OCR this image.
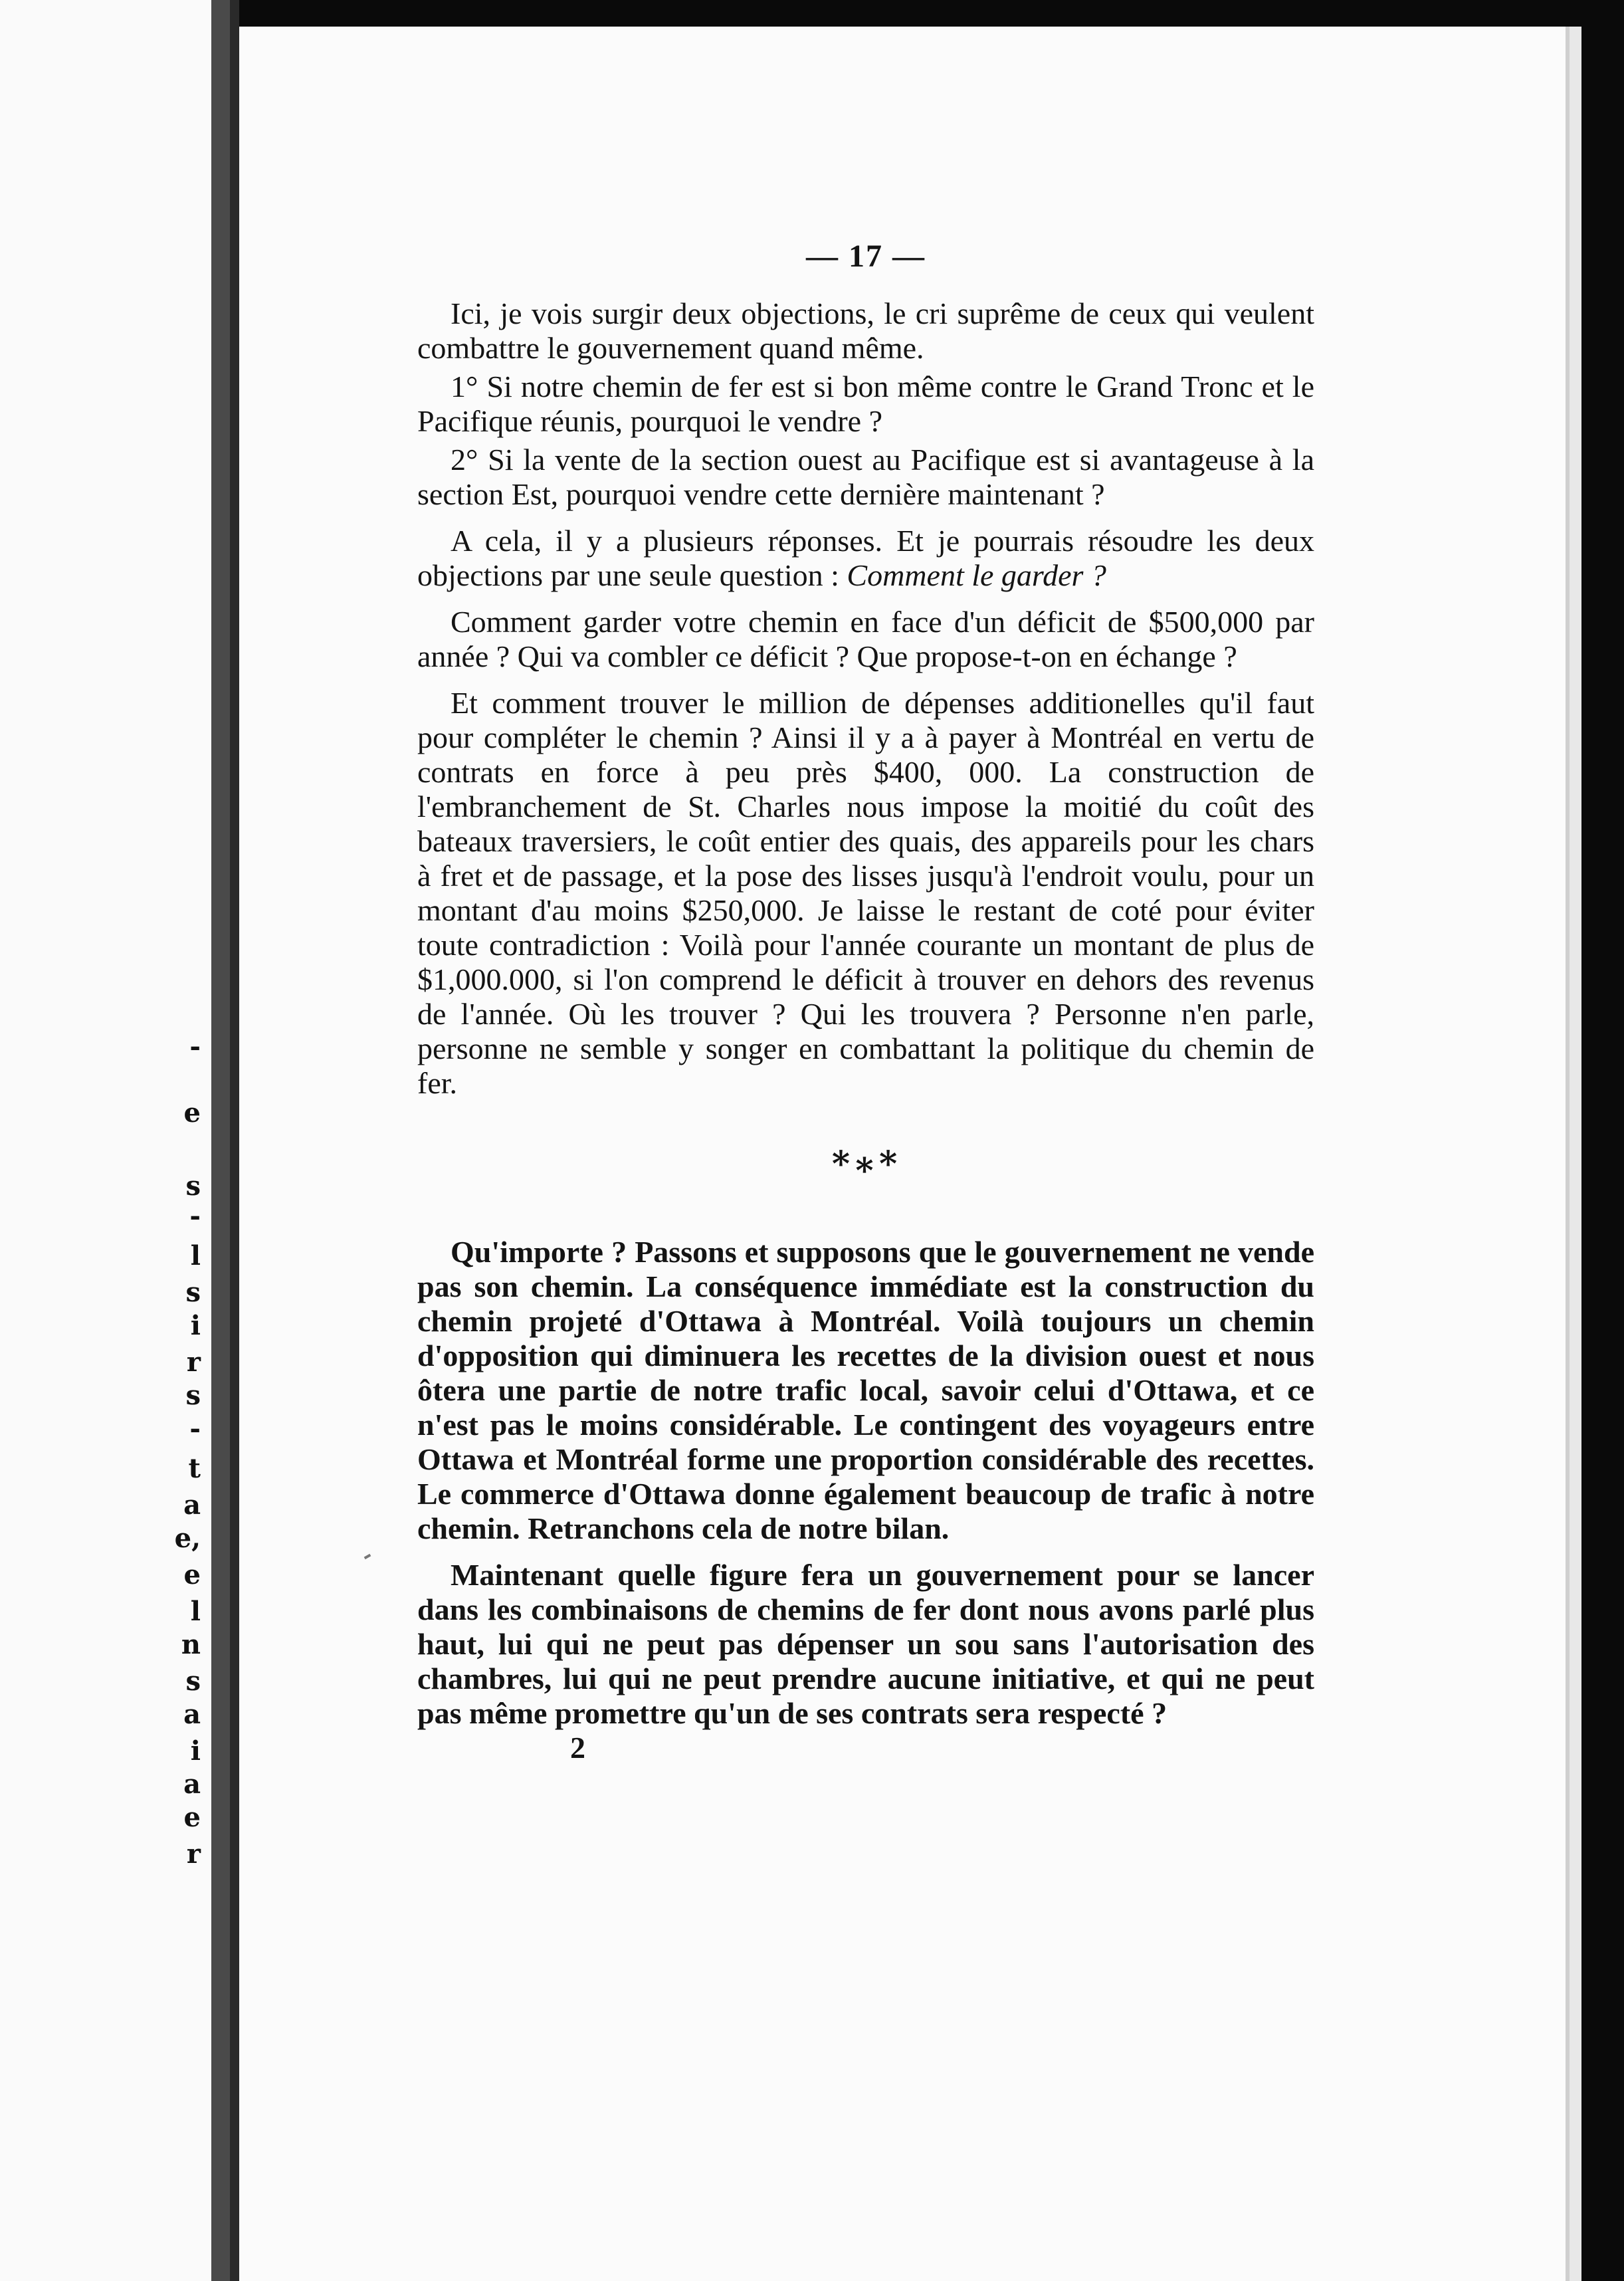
-
e
s
-
l
s
i
r
s
-
t
a
e,
e
l
n
s
a
i
a
e
r
— 17 —

Ici, je vois surgir deux objections, le cri suprême de ceux qui veulent combattre le gouvernement quand même.

1° Si notre chemin de fer est si bon même contre le Grand Tronc et le Pacifique réunis, pourquoi le vendre ?

2° Si la vente de la section ouest au Pacifique est si avantageuse à la section Est, pourquoi vendre cette dernière maintenant ?

A cela, il y a plusieurs réponses. Et je pourrais résoudre les deux objections par une seule question : Comment le garder ?

Comment garder votre chemin en face d'un déficit de $500,000 par année ? Qui va combler ce déficit ? Que propose-t-on en échange ?

Et comment trouver le million de dépenses additionelles qu'il faut pour compléter le chemin ? Ainsi il y a à payer à Montréal en vertu de contrats en force à peu près $400, 000. La construction de l'embranchement de St. Charles nous impose la moitié du coût des bateaux traversiers, le coût entier des quais, des appareils pour les chars à fret et de passage, et la pose des lisses jusqu'à l'endroit voulu, pour un montant d'au moins $250,000. Je laisse le restant de coté pour éviter toute contradiction : Voilà pour l'année courante un montant de plus de $1,000.000, si l'on comprend le déficit à trouver en dehors des revenus de l'année. Où les trouver ? Qui les trouvera ? Personne n'en parle, personne ne semble y songer en combattant la politique du chemin de fer.

*∗*

Qu'importe ? Passons et supposons que le gouvernement ne vende pas son chemin. La conséquence immédiate est la construction du chemin projeté d'Ottawa à Montréal. Voilà toujours un chemin d'opposition qui diminuera les recettes de la division ouest et nous ôtera une partie de notre trafic local, savoir celui d'Ottawa, et ce n'est pas le moins considérable. Le contingent des voyageurs entre Ottawa et Montréal forme une proportion considérable des recettes. Le commerce d'Ottawa donne également beaucoup de trafic à notre chemin. Retranchons cela de notre bilan.

Maintenant quelle figure fera un gouvernement pour se lancer dans les combinaisons de chemins de fer dont nous avons parlé plus haut, lui qui ne peut pas dépenser un sou sans l'autorisation des chambres, lui qui ne peut prendre aucune initiative, et qui ne peut pas même promettre qu'un de ses contrats sera respecté ?

2
